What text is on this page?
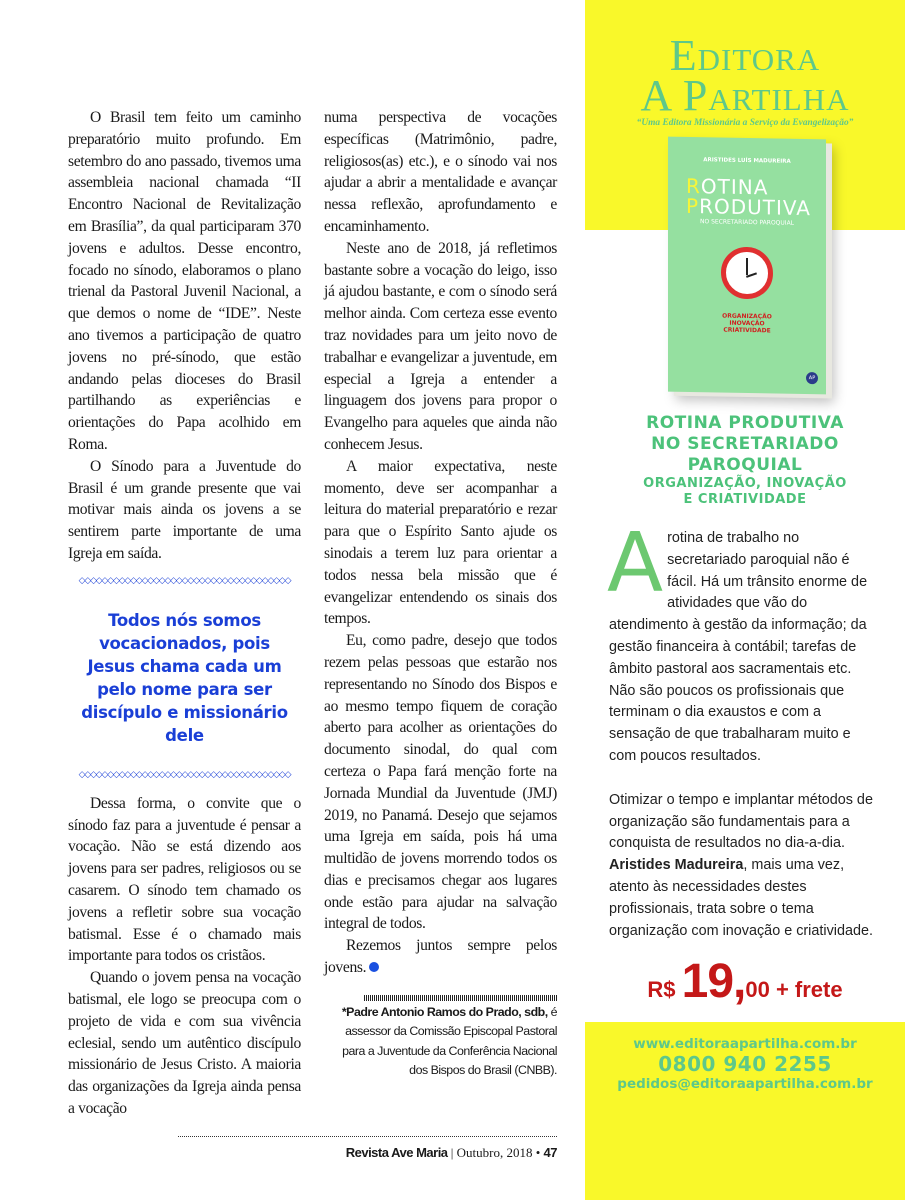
O Brasil tem feito um caminho preparatório muito profundo. Em setembro do ano passado, tivemos uma assembleia nacional chamada “II Encontro Nacional de Revitalização em Brasília”, da qual participaram 370 jovens e adultos. Desse encontro, focado no sínodo, elaboramos o plano trienal da Pastoral Juvenil Nacional, a que demos o nome de “IDE”. Neste ano tivemos a participação de quatro jovens no pré-sínodo, que estão andando pelas dioceses do Brasil partilhando as experiências e orientações do Papa acolhido em Roma.

O Sínodo para a Juventude do Brasil é um grande presente que vai motivar mais ainda os jovens a se sentirem parte importante de uma Igreja em saída.

◇◇◇◇◇◇◇◇◇◇◇◇◇◇◇◇◇◇◇◇◇◇◇◇◇◇◇◇◇◇◇◇◇◇◇◇◇
Todos nós somos vocacionados, pois Jesus chama cada um pelo nome para ser discípulo e missionário dele
◇◇◇◇◇◇◇◇◇◇◇◇◇◇◇◇◇◇◇◇◇◇◇◇◇◇◇◇◇◇◇◇◇◇◇◇◇

Dessa forma, o convite que o sínodo faz para a juventude é pensar a vocação. Não se está dizendo aos jovens para ser padres, religiosos ou se casarem. O sínodo tem chamado os jovens a refletir sobre sua vocação batismal. Esse é o chamado mais importante para todos os cristãos.

Quando o jovem pensa na vocação batismal, ele logo se preocupa com o projeto de vida e com sua vivência eclesial, sendo um autêntico discípulo missionário de Jesus Cristo. A maioria das organizações da Igreja ainda pensa a vocação

numa perspectiva de vocações específicas (Matrimônio, padre, religiosos(as) etc.), e o sínodo vai nos ajudar a abrir a mentalidade e avançar nessa reflexão, aprofundamento e encaminhamento.

Neste ano de 2018, já refletimos bastante sobre a vocação do leigo, isso já ajudou bastante, e com o sínodo será melhor ainda. Com certeza esse evento traz novidades para um jeito novo de trabalhar e evangelizar a juventude, em especial a Igreja a entender a linguagem dos jovens para propor o Evangelho para aqueles que ainda não conhecem Jesus.

A maior expectativa, neste momento, deve ser acompanhar a leitura do material preparatório e rezar para que o Espírito Santo ajude os sinodais a terem luz para orientar a todos nessa bela missão que é evangelizar entendendo os sinais dos tempos.

Eu, como padre, desejo que todos rezem pelas pessoas que estarão nos representando no Sínodo dos Bispos e ao mesmo tempo fiquem de coração aberto para acolher as orientações do documento sinodal, do qual com certeza o Papa fará menção forte na Jornada Mundial da Juventude (JMJ) 2019, no Panamá. Desejo que sejamos uma Igreja em saída, pois há uma multidão de jovens morrendo todos os dias e precisamos chegar aos lugares onde estão para ajudar na salvação integral de todos.

Rezemos juntos sempre pelos jovens.

*Padre Antonio Ramos do Prado, sdb, é assessor da Comissão Episcopal Pastoral para a Juventude da Conferência Nacional dos Bispos do Brasil (CNBB).
Revista Ave Maria | Outubro, 2018 • 47
Editora
A Partilha
“Uma Editora Missionária a Serviço da Evangelização”
ARISTIDES LUÍS MADUREIRA
ROTINA
PRODUTIVA
NO SECRETARIADO PAROQUIAL
ORGANIZAÇÃO
INOVAÇÃO
CRIATIVIDADE
AP
ROTINA PRODUTIVA
NO SECRETARIADO
PAROQUIAL
ORGANIZAÇÃO, INOVAÇÃO
E CRIATIVIDADE

Arotina de trabalho no secretariado paroquial não é fácil. Há um trânsito enorme de atividades que vão do atendimento à gestão da informação; da gestão financeira à contábil; tarefas de âmbito pastoral aos sacramentais etc. Não são poucos os profissionais que terminam o dia exaustos e com a sensação de que trabalharam muito e com poucos resultados.

Otimizar o tempo e implantar métodos de organização são fundamentais para a conquista de resultados no dia-a-dia. Aristides Madureira, mais uma vez, atento às necessidades destes profissionais, trata sobre o tema organização com inovação e criatividade.

R$ 19,00 + frete
www.editoraapartilha.com.br
0800 940 2255
pedidos@editoraapartilha.com.br
